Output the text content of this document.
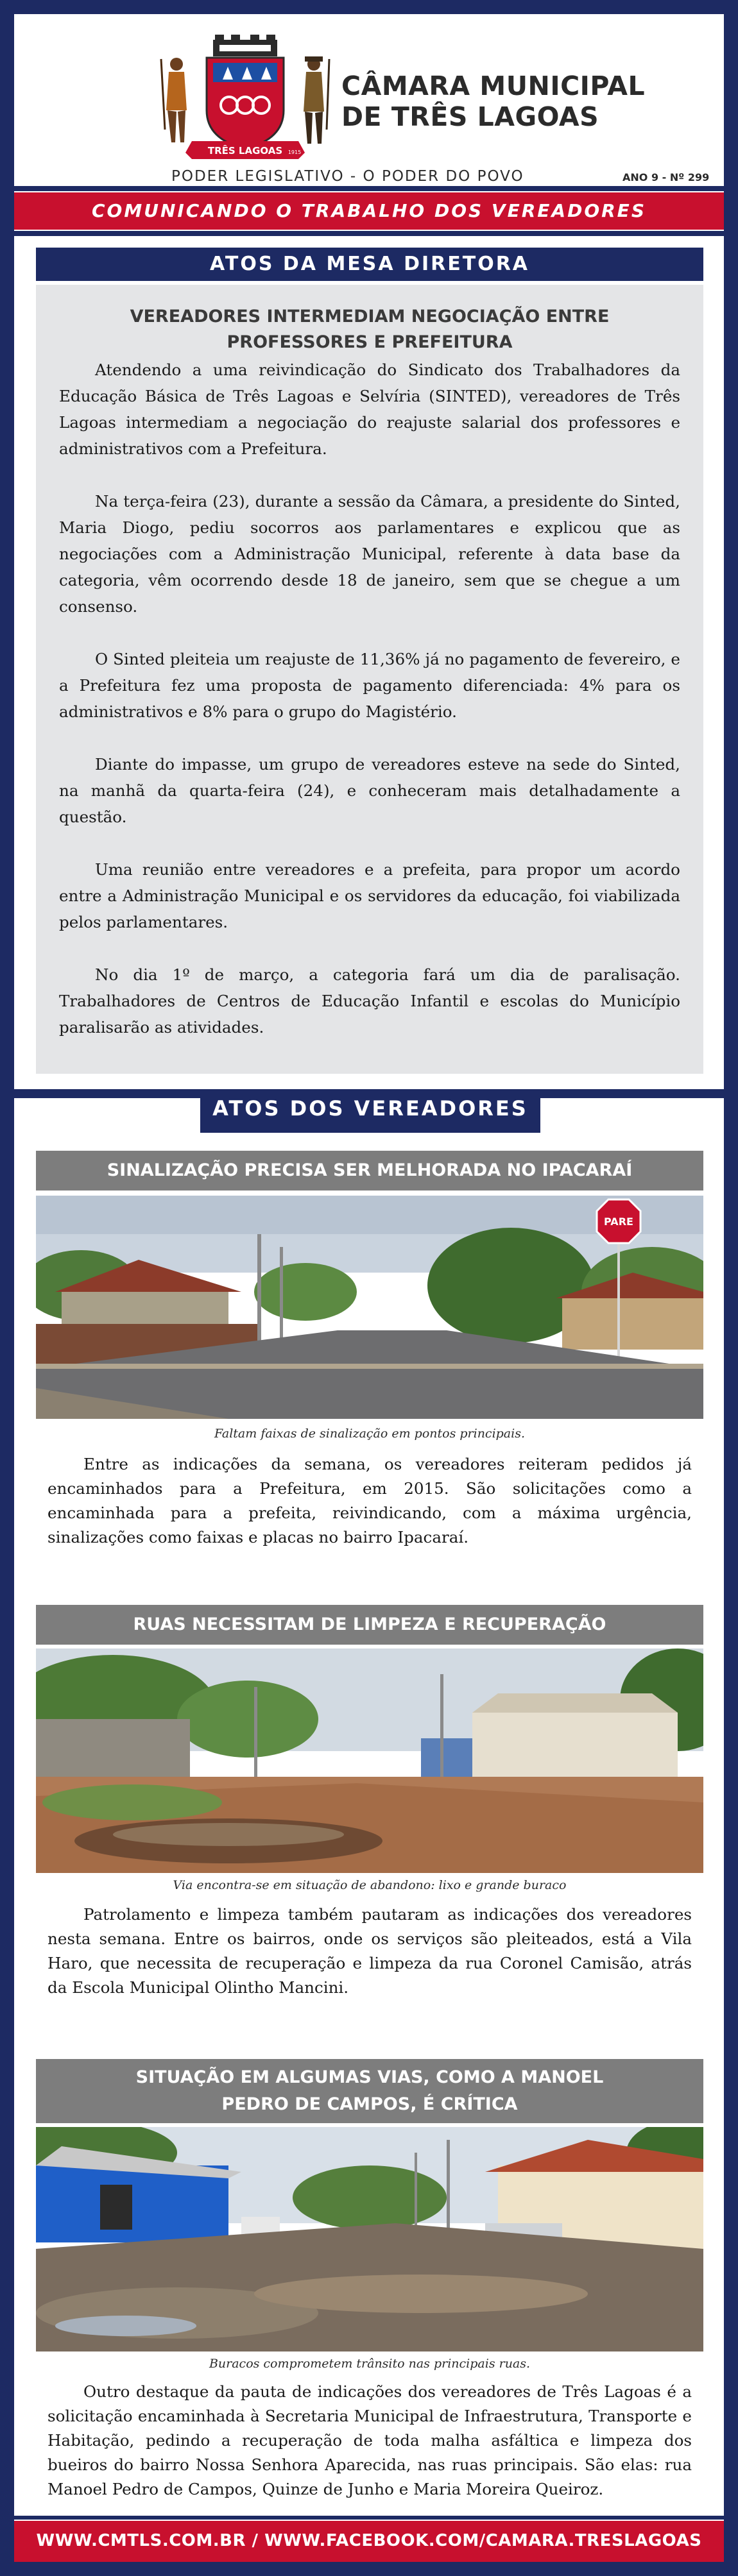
TRÊS LAGOAS 1915
CÂMARA MUNICIPAL
DE TRÊS LAGOAS
PODER LEGISLATIVO - O PODER DO POVO	ANO 9 - Nº 299
COMUNICANDO O TRABALHO DOS VEREADORES
ATOS DA MESA DIRETORA
VEREADORES INTERMEDIAM NEGOCIAÇÃO ENTRE
PROFESSORES E PREFEITURA

Atendendo a uma reivindicação do Sindicato dos Trabalhadores da Educação Básica de Três Lagoas e Selvíria (SINTED), vereadores de Três Lagoas intermediam a negociação do reajuste salarial dos professores e administrativos com a Prefeitura.

Na terça-feira (23), durante a sessão da Câmara, a presidente do Sinted, Maria Diogo, pediu socorros aos parlamentares e explicou que as negociações com a Administração Municipal, referente à data base da categoria, vêm ocorrendo desde 18 de janeiro, sem que se chegue a um consenso.

O Sinted pleiteia um reajuste de 11,36% já no pagamento de fevereiro, e a Prefeitura fez uma proposta de pagamento diferenciada: 4% para os administrativos e 8% para o grupo do Magistério.

Diante do impasse, um grupo de vereadores esteve na sede do Sinted, na manhã da quarta-feira (24), e conheceram mais detalhadamente a questão.

Uma reunião entre vereadores e a prefeita, para propor um acordo entre a Administração Municipal e os servidores da educação, foi viabilizada pelos parlamentares.

No dia 1º de março, a categoria fará um dia de paralisação. Trabalhadores de Centros de Educação Infantil e escolas do Município paralisarão as atividades.

ATOS DOS VEREADORES
SINALIZAÇÃO PRECISA SER MELHORADA NO IPACARAÍ
PARE
Faltam faixas de sinalização em pontos principais.

Entre as indicações da semana, os vereadores reiteram pedidos já encaminhados para a Prefeitura, em 2015. São solicitações como a encaminhada para a prefeita, reivindicando, com a máxima urgência, sinalizações como faixas e placas no bairro Ipacaraí.

RUAS NECESSITAM DE LIMPEZA E RECUPERAÇÃO
Via encontra-se em situação de abandono: lixo e grande buraco

Patrolamento e limpeza também pautaram as indicações dos vereadores nesta semana. Entre os bairros, onde os serviços são pleiteados, está a Vila Haro, que necessita de recuperação e limpeza da rua Coronel Camisão, atrás da Escola Municipal Olintho Mancini.

SITUAÇÃO EM ALGUMAS VIAS, COMO A MANOEL
PEDRO DE CAMPOS, É CRÍTICA
Buracos comprometem trânsito nas principais ruas.

Outro destaque da pauta de indicações dos vereadores de Três Lagoas é a solicitação encaminhada à Secretaria Municipal de Infraestrutura, Transporte e Habitação, pedindo a recuperação de toda malha asfáltica e limpeza dos bueiros do bairro Nossa Senhora Aparecida, nas ruas principais. São elas: rua Manoel Pedro de Campos, Quinze de Junho e Maria Moreira Queiroz.

WWW.CMTLS.COM.BR / WWW.FACEBOOK.COM/CAMARA.TRESLAGOAS
